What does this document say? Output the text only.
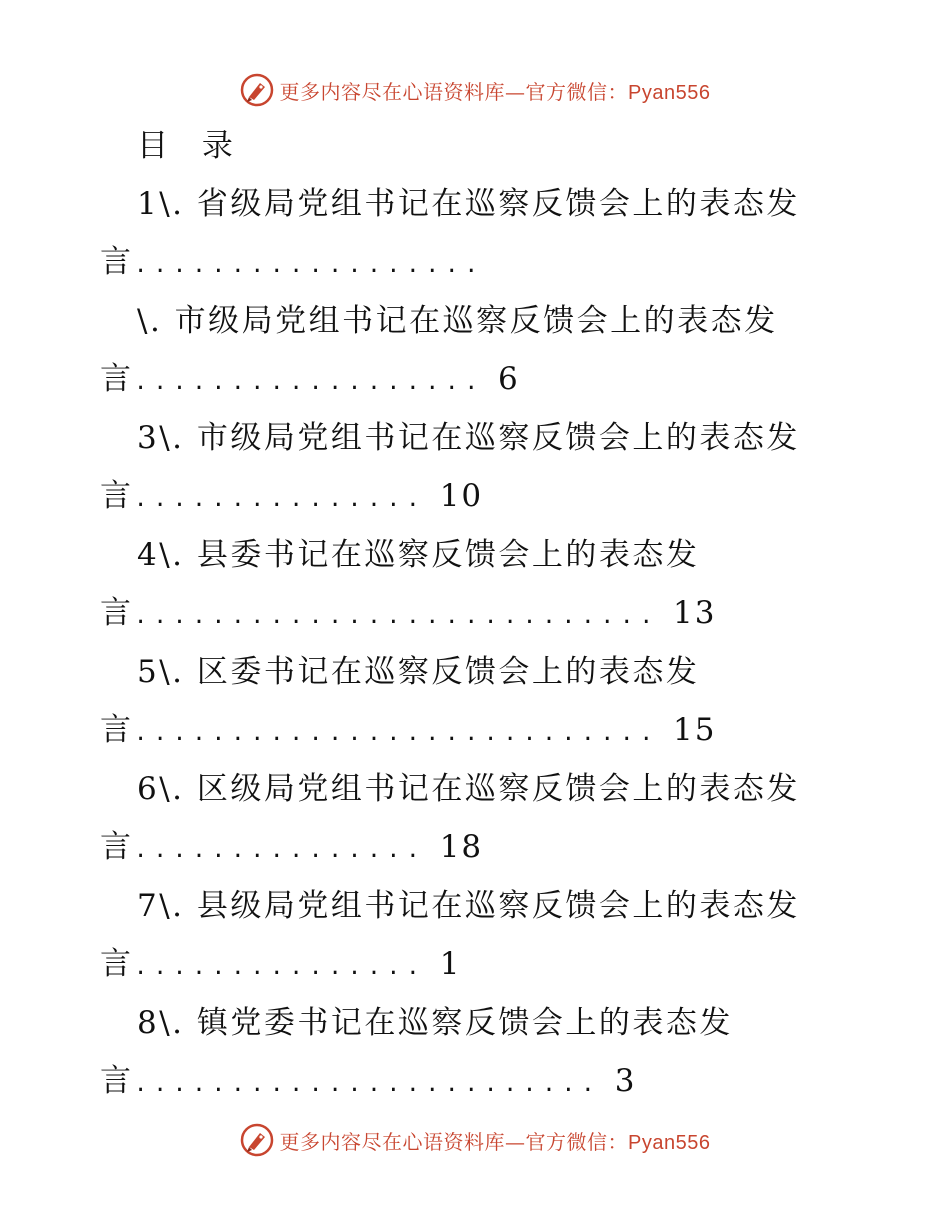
更多内容尽在心语资料库—官方微信：Pyan556
目 录
1\. 省级局党组书记在巡察反馈会上的表态发
言..................
\. 市级局党组书记在巡察反馈会上的表态发
言.................. 6
3\. 市级局党组书记在巡察反馈会上的表态发
言............... 10
4\. 县委书记在巡察反馈会上的表态发
言........................... 13
5\. 区委书记在巡察反馈会上的表态发
言........................... 15
6\. 区级局党组书记在巡察反馈会上的表态发
言............... 18
7\. 县级局党组书记在巡察反馈会上的表态发
言............... 1
8\. 镇党委书记在巡察反馈会上的表态发
言........................ 3
更多内容尽在心语资料库—官方微信：Pyan556
